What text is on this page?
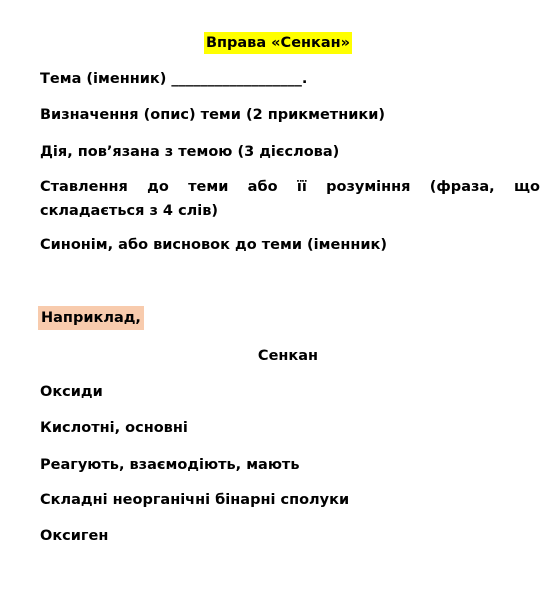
Вправа «Сенкан»
Тема (іменник) __________________.
Визначення (опис) теми (2 прикметники)
Дія, пов’язана з темою (3 дієслова)
Ставлення до теми або її розуміння (фраза, що складається з 4 слів)
Синонім, або висновок до теми (іменник)
Наприклад,
Сенкан
Оксиди
Кислотні, основні
Реагують, взаємодіють, мають
Складні неорганічні бінарні сполуки
Оксиген
